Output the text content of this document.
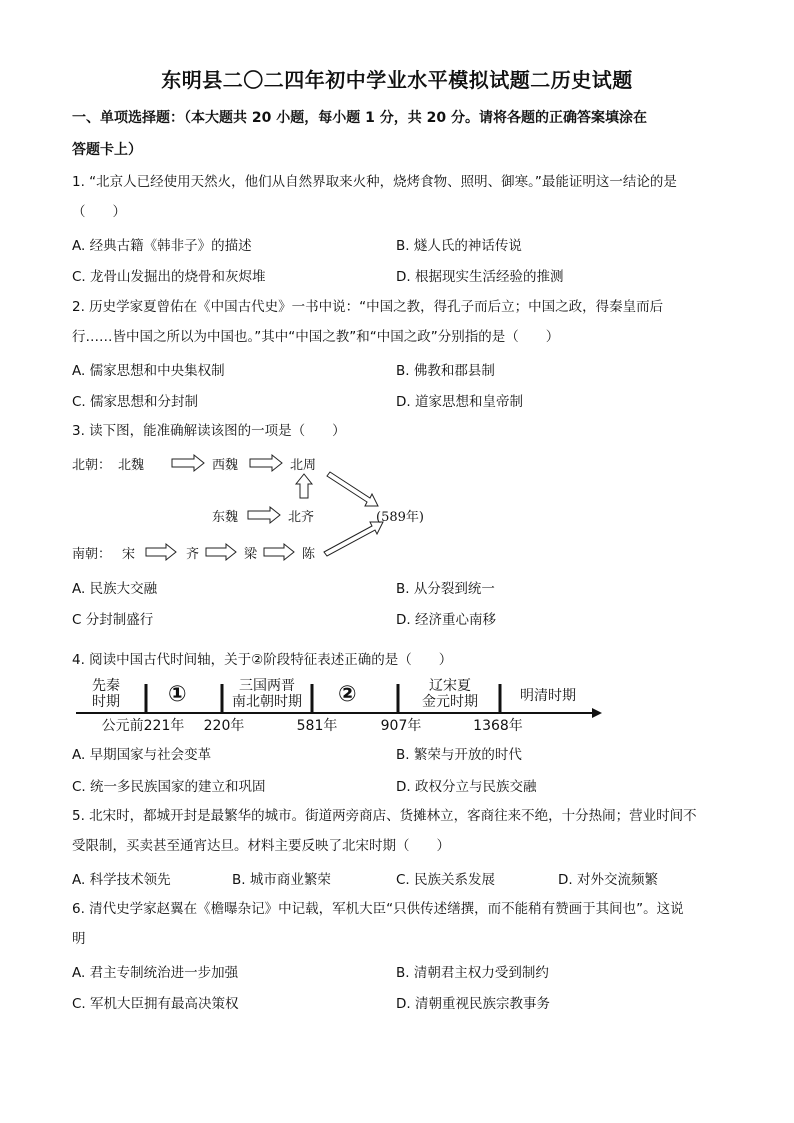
东明县二〇二四年初中学业水平模拟试题二历史试题
一、单项选择题：（本大题共 20 小题，每小题 1 分，共 20 分。请将各题的正确答案填涂在
答题卡上）
1. “北京人已经使用天然火，他们从自然界取来火种，烧烤食物、照明、御寒。”最能证明这一结论的是
（　　）
A. 经典古籍《韩非子》的描述	B. 燧人氏的神话传说
C. 龙骨山发掘出的烧骨和灰烬堆	D. 根据现实生活经验的推测
2. 历史学家夏曾佑在《中国古代史》一书中说：“中国之教，得孔子而后立；中国之政，得秦皇而后
行……皆中国之所以为中国也。”其中“中国之教”和“中国之政”分别指的是（　　）
A. 儒家思想和中央集权制	B. 佛教和郡县制
C. 儒家思想和分封制	D. 道家思想和皇帝制
3. 读下图，能准确解读该图的一项是（　　）
北朝： 北魏	西魏	北周
东魏	北齐	(589年)
南朝： 宋	齐	梁	陈
A. 民族大交融	B. 从分裂到统一
C 分封制盛行	D. 经济重心南移
4. 阅读中国古代时间轴，关于②阶段特征表述正确的是（　　）
先秦
时期	①	三国两晋
南北朝时期	②	辽宋夏
金元时期	明清时期
公元前221年	220年	581年	907年	1368年
A. 早期国家与社会变革	B. 繁荣与开放的时代
C. 统一多民族国家的建立和巩固	D. 政权分立与民族交融
5. 北宋时，都城开封是最繁华的城市。街道两旁商店、货摊林立，客商往来不绝，十分热闹；营业时间不
受限制，买卖甚至通宵达旦。材料主要反映了北宋时期（　　）
A. 科学技术领先	B. 城市商业繁荣	C. 民族关系发展	D. 对外交流频繁
6. 清代史学家赵翼在《檐曝杂记》中记载，军机大臣“只供传述缮撰，而不能稍有赞画于其间也”。这说
明
A. 君主专制统治进一步加强	B. 清朝君主权力受到制约
C. 军机大臣拥有最高决策权	D. 清朝重视民族宗教事务
